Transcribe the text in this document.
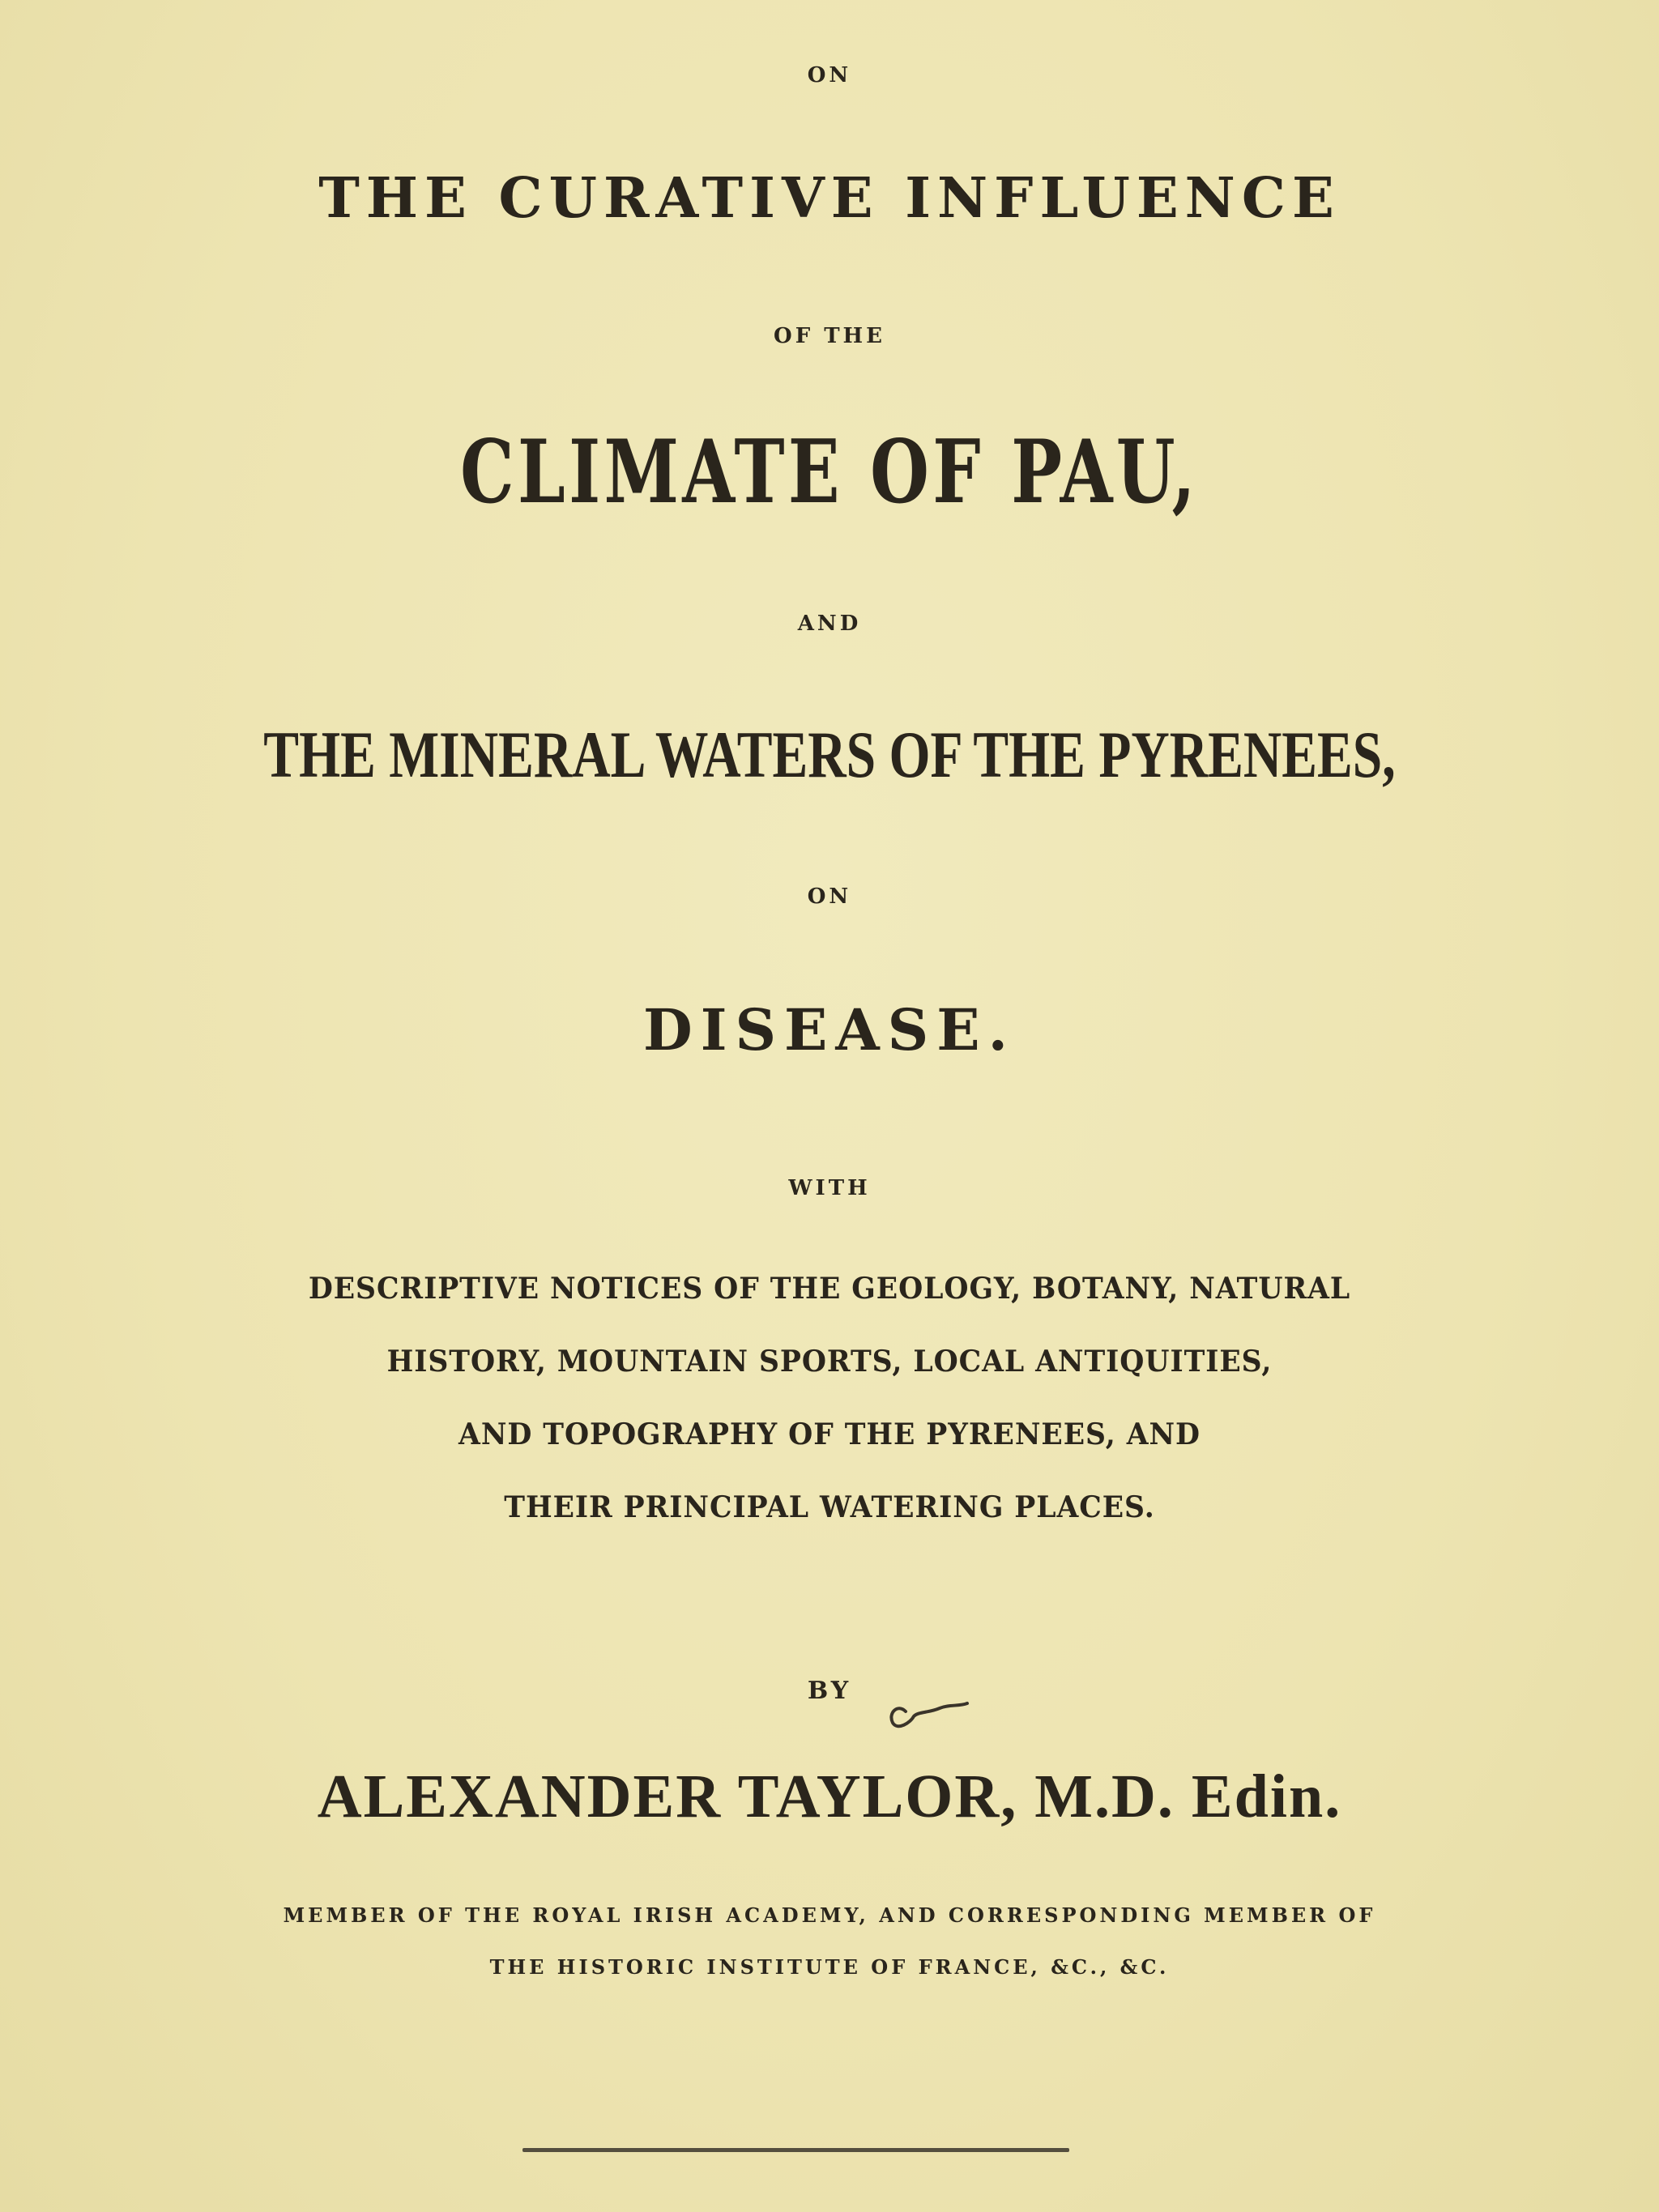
ON
THE CURATIVE INFLUENCE
OF THE
CLIMATE OF PAU,
AND
THE MINERAL WATERS OF THE PYRENEES,
ON
DISEASE.
WITH
DESCRIPTIVE NOTICES OF THE GEOLOGY, BOTANY, NATURAL
HISTORY, MOUNTAIN SPORTS, LOCAL ANTIQUITIES,
AND TOPOGRAPHY OF THE PYRENEES, AND
THEIR PRINCIPAL WATERING PLACES.
BY
ALEXANDER TAYLOR, M.D. Edin.
MEMBER OF THE ROYAL IRISH ACADEMY, AND CORRESPONDING MEMBER OF
THE HISTORIC INSTITUTE OF FRANCE, &C., &C.
